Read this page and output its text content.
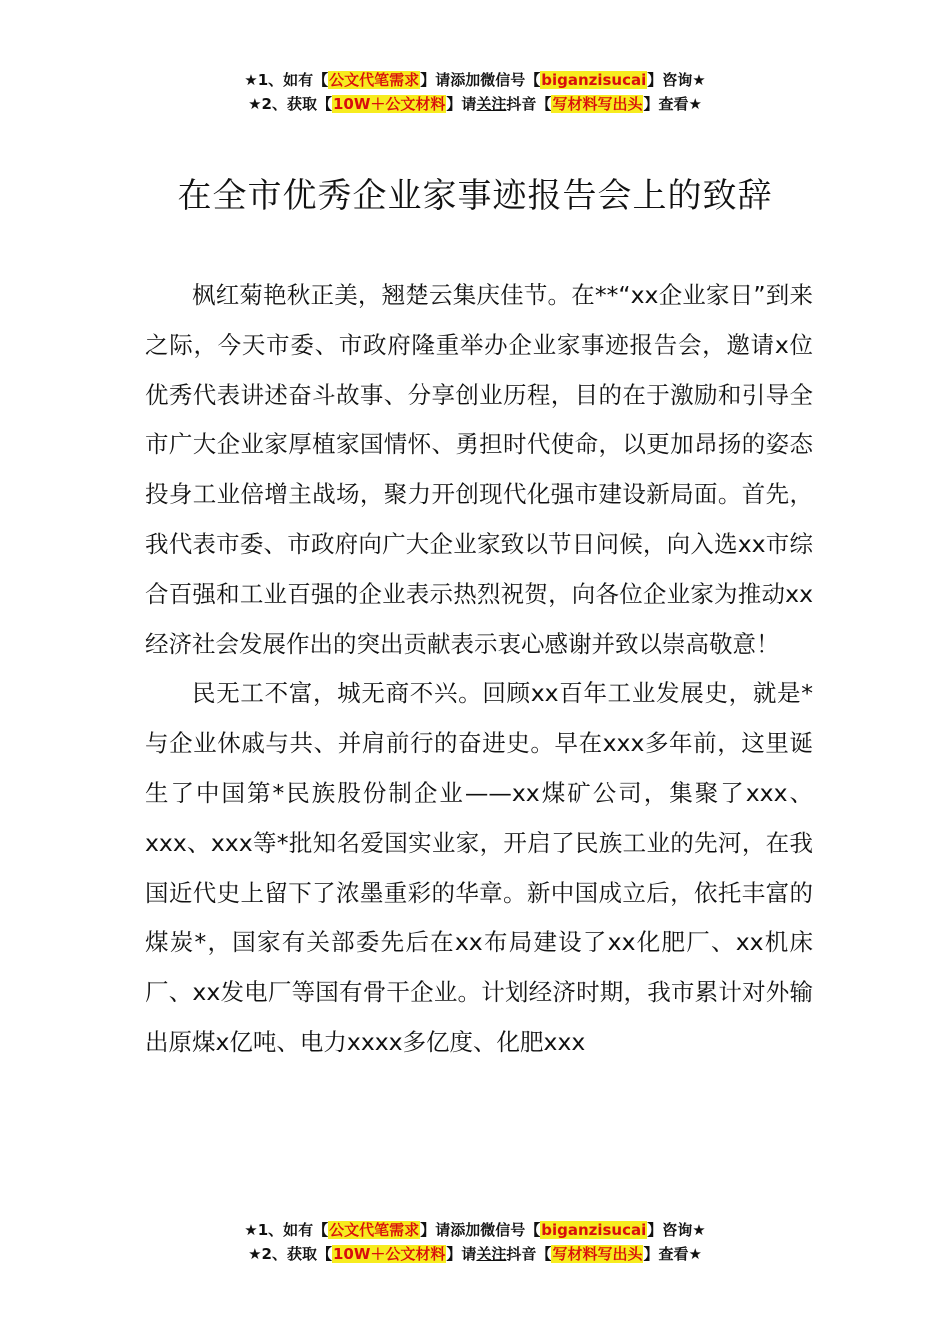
★1、如有【公文代笔需求】请添加微信号【biganzisucai】咨询★
★2、获取【10W＋公文材料】请关注抖音【写材料写出头】查看★
在全市优秀企业家事迹报告会上的致辞

枫红菊艳秋正美，翘楚云集庆佳节。在**“xx企业家日”到来之际，今天市委、市政府隆重举办企业家事迹报告会，邀请x位优秀代表讲述奋斗故事、分享创业历程，目的在于激励和引导全市广大企业家厚植家国情怀、勇担时代使命，以更加昂扬的姿态投身工业倍增主战场，聚力开创现代化强市建设新局面。首先，我代表市委、市政府向广大企业家致以节日问候，向入选xx市综合百强和工业百强的企业表示热烈祝贺，向各位企业家为推动xx经济社会发展作出的突出贡献表示衷心感谢并致以崇高敬意！

民无工不富，城无商不兴。回顾xx百年工业发展史，就是*与企业休戚与共、并肩前行的奋进史。早在xxx多年前，这里诞生了中国第*民族股份制企业——xx煤矿公司，集聚了xxx、xxx、xxx等*批知名爱国实业家，开启了民族工业的先河，在我国近代史上留下了浓墨重彩的华章。新中国成立后，依托丰富的煤炭*，国家有关部委先后在xx布局建设了xx化肥厂、xx机床厂、xx发电厂等国有骨干企业。计划经济时期，我市累计对外输出原煤x亿吨、电力xxxx多亿度、化肥xxx

★1、如有【公文代笔需求】请添加微信号【biganzisucai】咨询★
★2、获取【10W＋公文材料】请关注抖音【写材料写出头】查看★
